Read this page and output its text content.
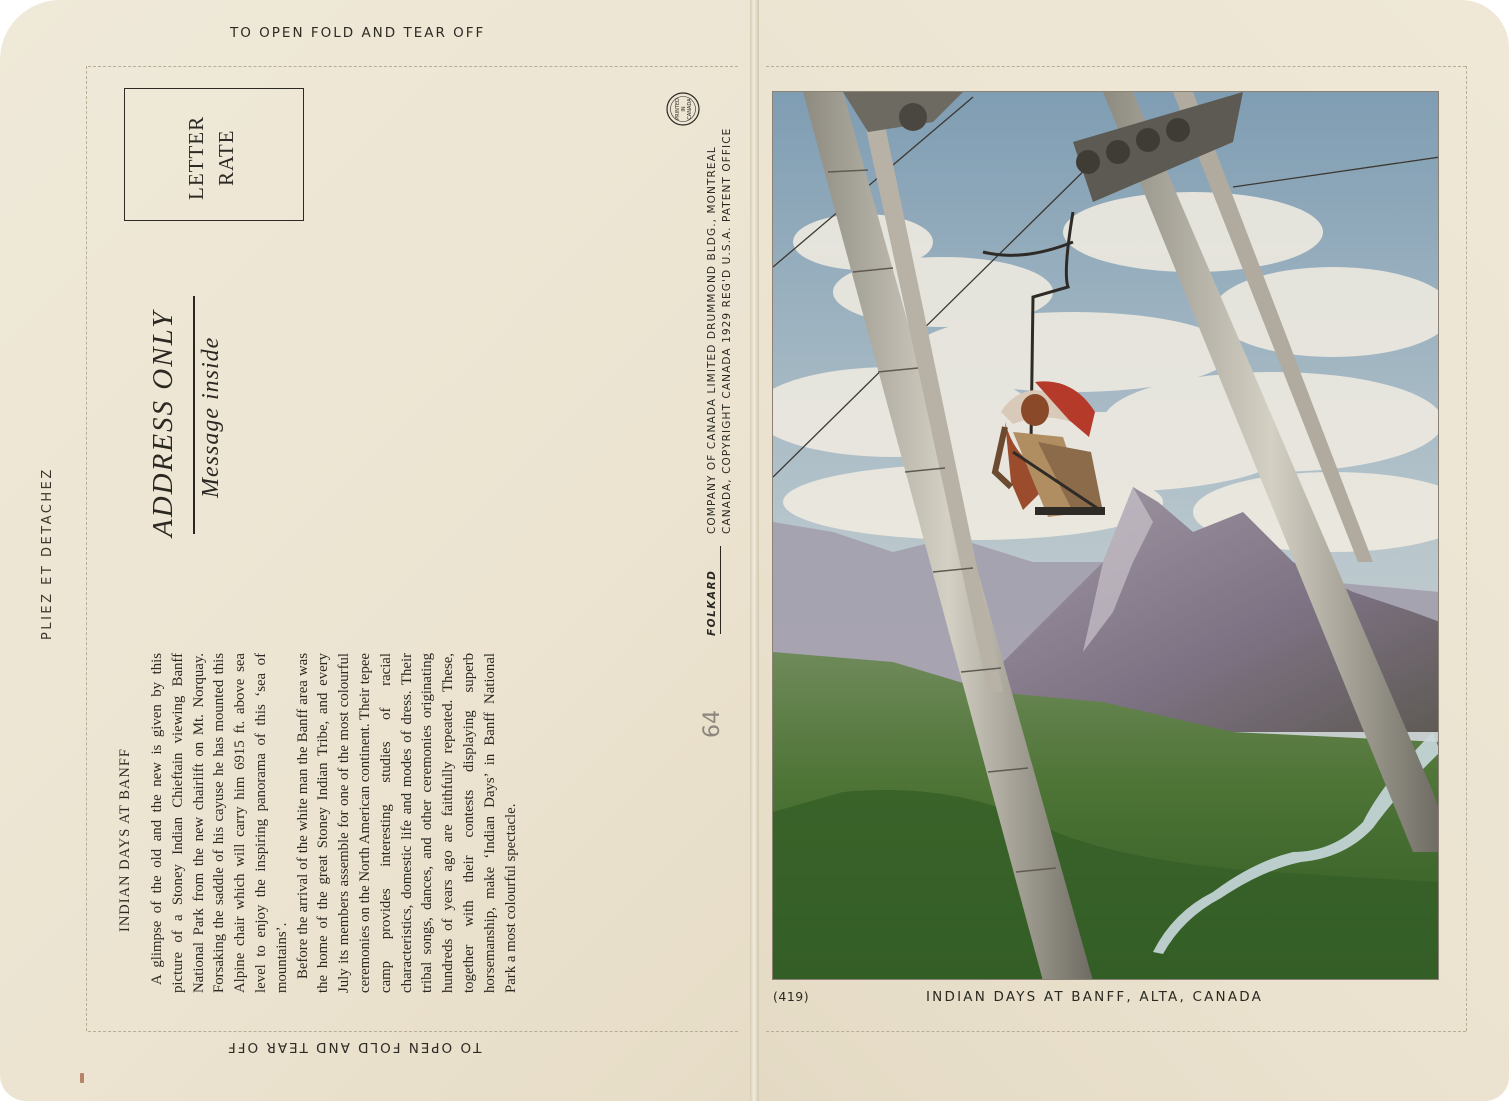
TO OPEN FOLD AND TEAR OFF
TO OPEN FOLD AND TEAR OFF
PLIEZ ET DETACHEZ
LETTER RATE
ADDRESS ONLY Message inside
INDIAN DAYS AT BANFF A glimpse of the old and the new is given by this picture of a Stoney Indian Chieftain viewing Banff National Park from the new chairlift on Mt. Norquay. Forsaking the saddle of his cayuse he has mounted this Alpine chair which will carry him 6915 ft. above sea level to enjoy the inspiring panorama of this ‘sea of mountains’. Before the arrival of the white man the Banff area was the home of the great Stoney Indian Tribe, and every July its members assemble for one of the most colourful ceremonies on the North American continent. Their tepee camp provides interesting studies of racial characteristics, domestic life and modes of dress. Their tribal songs, dances, and other ceremonies originating hundreds of years ago are faithfully repeated. These, together with their contests displaying superb horsemanship, make ‘Indian Days’ in Banff National Park a most colourful spectacle.

PRINTED IN CANADA
FOLKARD
COMPANY OF CANADA LIMITED DRUMMOND BLDG., MONTREAL CANADA, COPYRIGHT CANADA 1929 REG'D U.S.A. PATENT OFFICE
64
(419)	INDIAN DAYS AT BANFF, ALTA, CANADA
